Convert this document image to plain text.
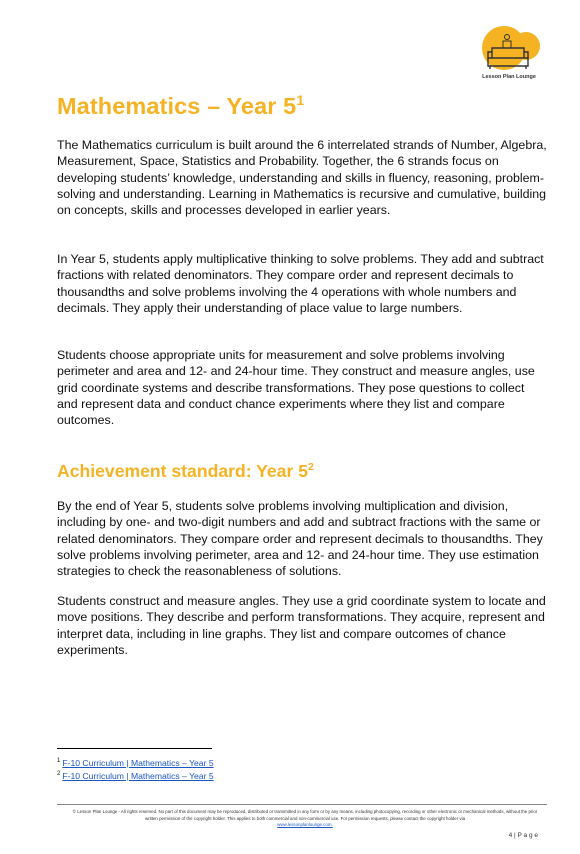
Lesson Plan Lounge
Mathematics – Year $5^1$

The Mathematics curriculum is built around the 6 interrelated strands of Number, Algebra, Measurement, Space, Statistics and Probability. Together, the 6 strands focus on developing students’ knowledge, understanding and skills in fluency, reasoning, problem-solving and understanding. Learning in Mathematics is recursive and cumulative, building on concepts, skills and processes developed in earlier years.

In Year 5, students apply multiplicative thinking to solve problems. They add and subtract fractions with related denominators. They compare order and represent decimals to thousandths and solve problems involving the 4 operations with whole numbers and decimals. They apply their understanding of place value to large numbers.

Students choose appropriate units for measurement and solve problems involving perimeter and area and 12- and 24-hour time. They construct and measure angles, use grid coordinate systems and describe transformations. They pose questions to collect and represent data and conduct chance experiments where they list and compare outcomes.

Achievement standard: Year $5^2$

By the end of Year 5, students solve problems involving multiplication and division, including by one- and two-digit numbers and add and subtract fractions with the same or related denominators. They compare order and represent decimals to thousandths. They solve problems involving perimeter, area and 12- and 24-hour time. They use estimation strategies to check the reasonableness of solutions.

Students construct and measure angles. They use a grid coordinate system to locate and move positions. They describe and perform transformations. They acquire, represent and interpret data, including in line graphs. They list and compare outcomes of chance experiments.

$^1$ F-10 Curriculum | Mathematics – Year 5
$^2$ F-10 Curriculum | Mathematics – Year 5
© Lesson Plan Lounge - All rights reserved. No part of this document may be reproduced, distributed or transmitted in any form or by any means, including photocopying, recording or other electronic or mechanical methods, without the prior written permission of the copyright holder. This applies to both commercial and non-commercial use. For permission requests, please contact the copyright holder via
www.lessonplanlounge.com.
4 | P a g e
